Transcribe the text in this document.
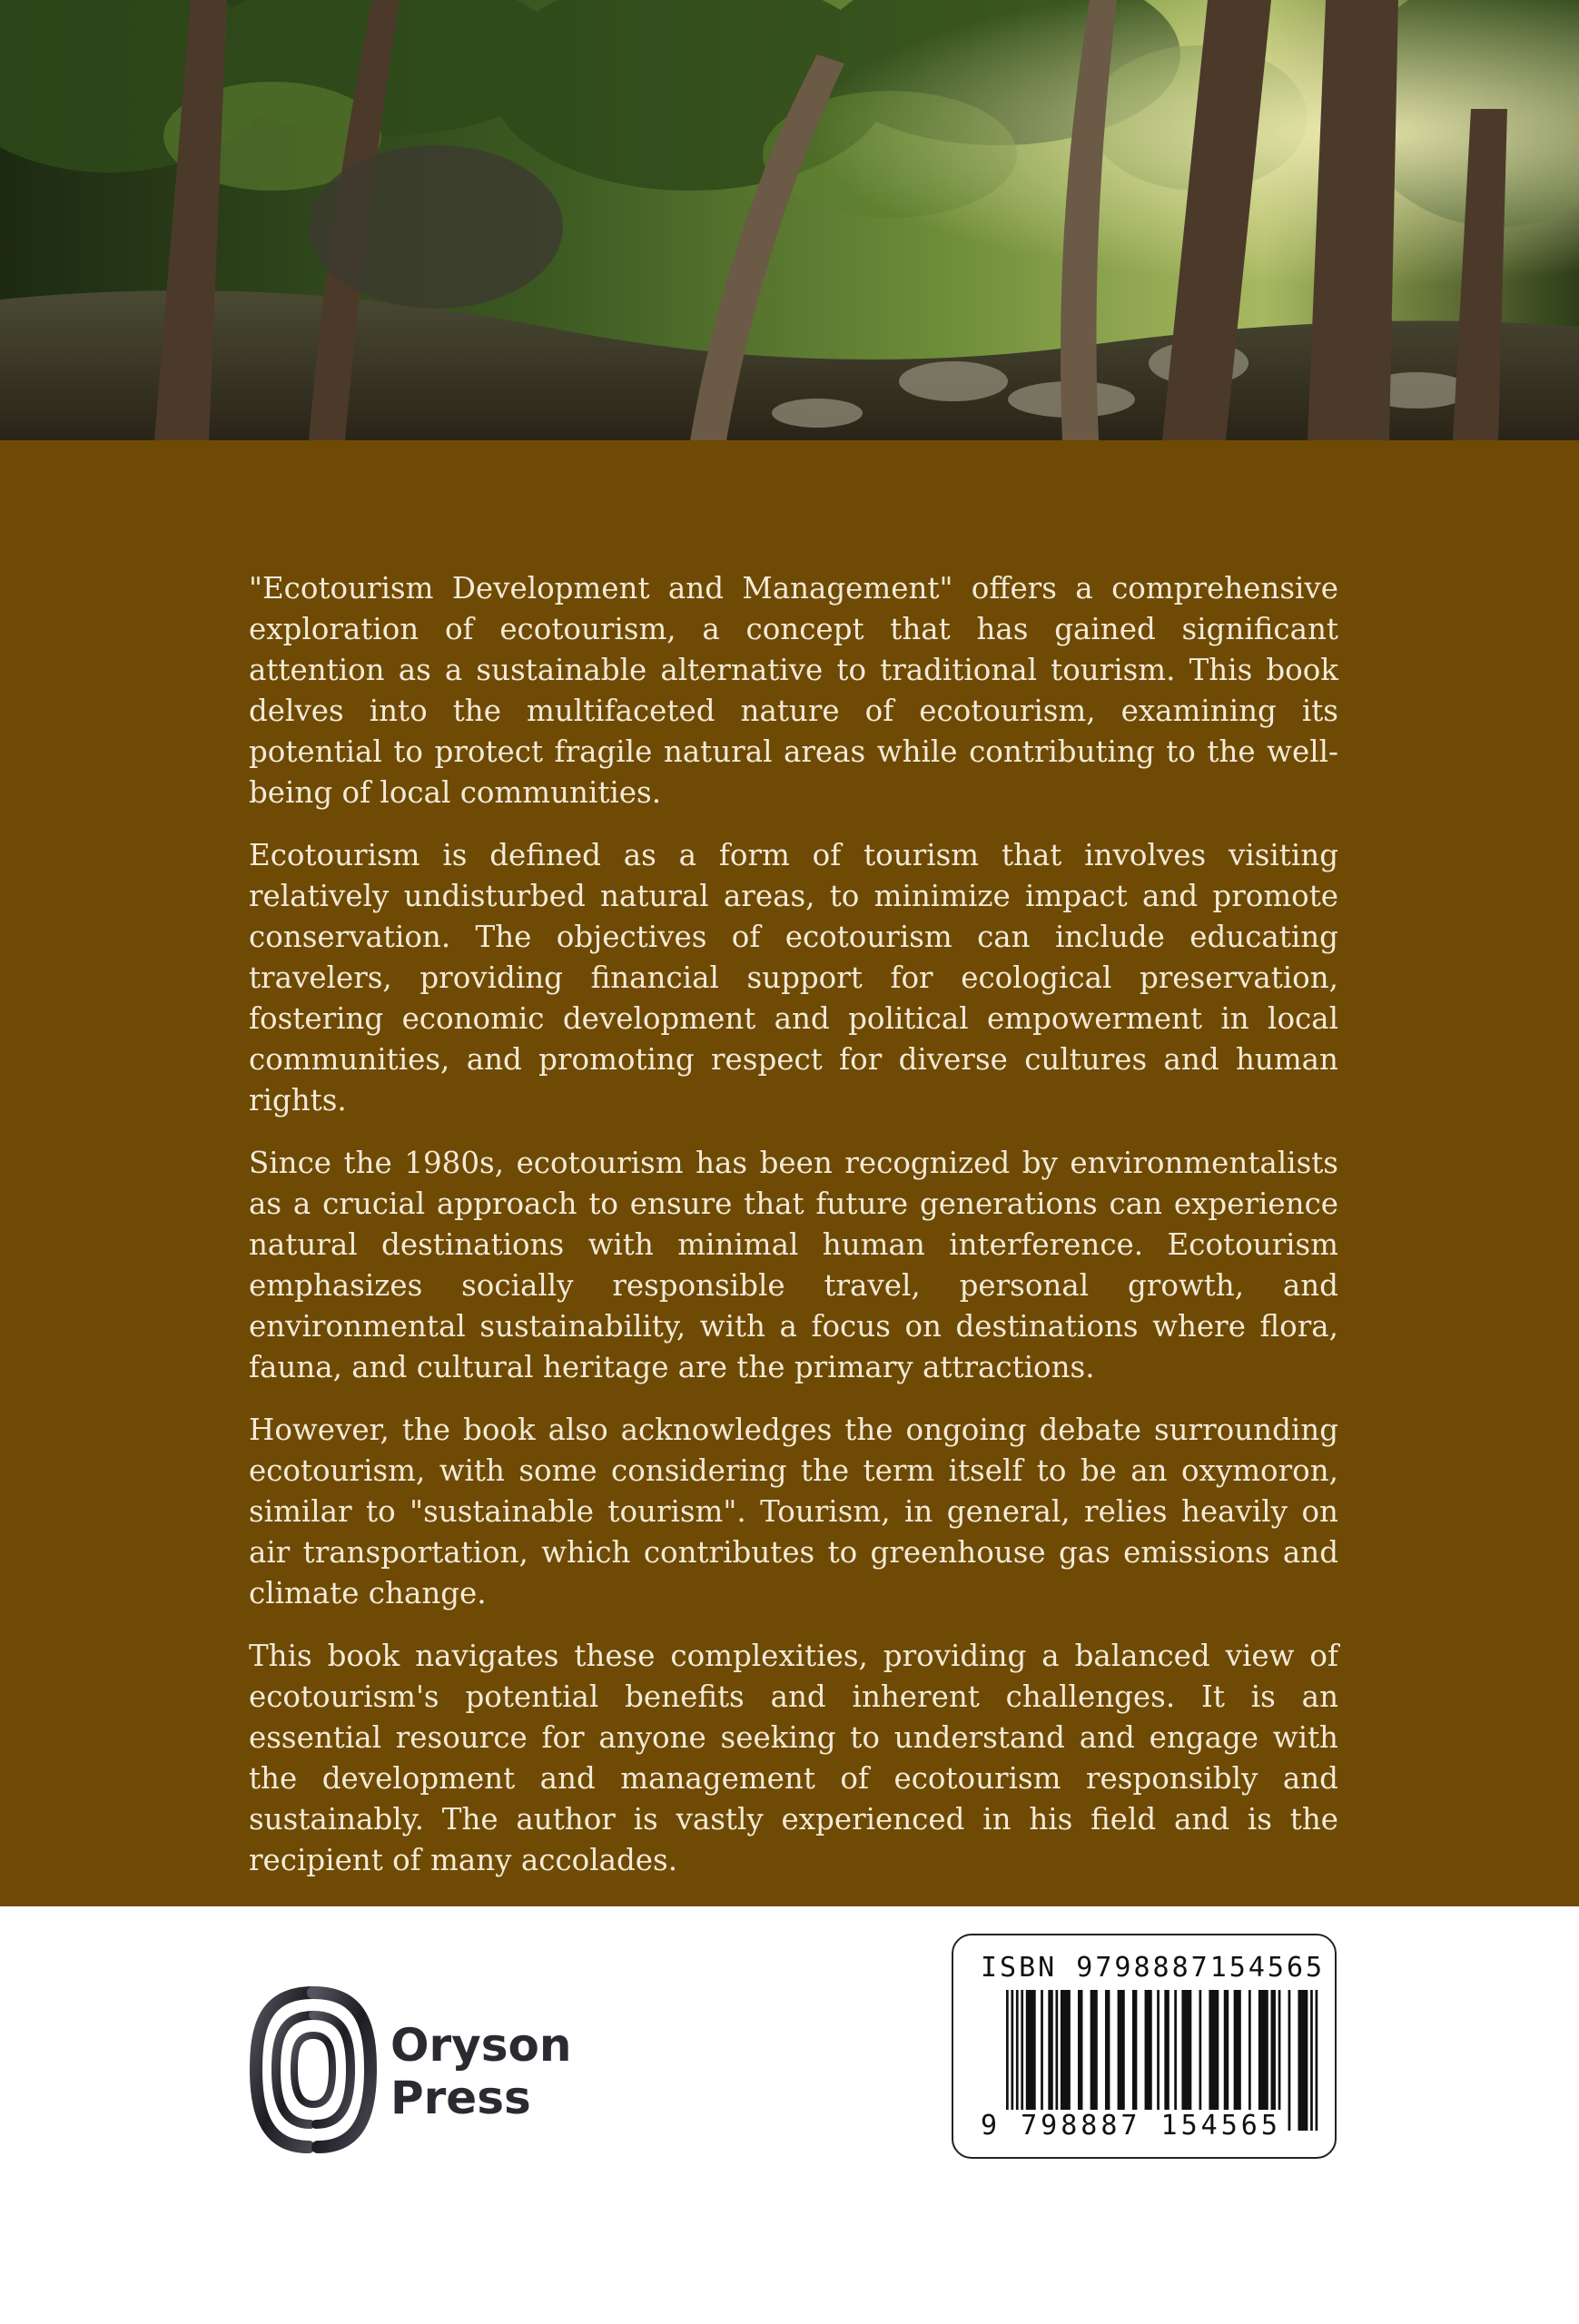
"Ecotourism Development and Management" offers a comprehensive exploration of ecotourism, a concept that has gained significant attention as a sustainable alternative to traditional tourism. This book delves into the multifaceted nature of ecotourism, examining its potential to protect fragile natural areas while contributing to the well-being of local communities.

Ecotourism is defined as a form of tourism that involves visiting relatively undisturbed natural areas, to minimize impact and promote conservation. The objectives of ecotourism can include educating travelers, providing financial support for ecological preservation, fostering economic development and political empowerment in local communities, and promoting respect for diverse cultures and human rights.

Since the 1980s, ecotourism has been recognized by environmentalists as a crucial approach to ensure that future generations can experience natural destinations with minimal human interference. Ecotourism emphasizes socially responsible travel, personal growth, and environmental sustainability, with a focus on destinations where flora, fauna, and cultural heritage are the primary attractions.

However, the book also acknowledges the ongoing debate surrounding ecotourism, with some considering the term itself to be an oxymoron, similar to "sustainable tourism". Tourism, in general, relies heavily on air transportation, which contributes to greenhouse gas emissions and climate change.

This book navigates these complexities, providing a balanced view of ecotourism's potential benefits and inherent challenges. It is an essential resource for anyone seeking to understand and engage with the development and management of ecotourism responsibly and sustainably. The author is vastly experienced in his field and is the recipient of many accolades.

Oryson
Press
ISBN 9798887154565
9 798887 154565
